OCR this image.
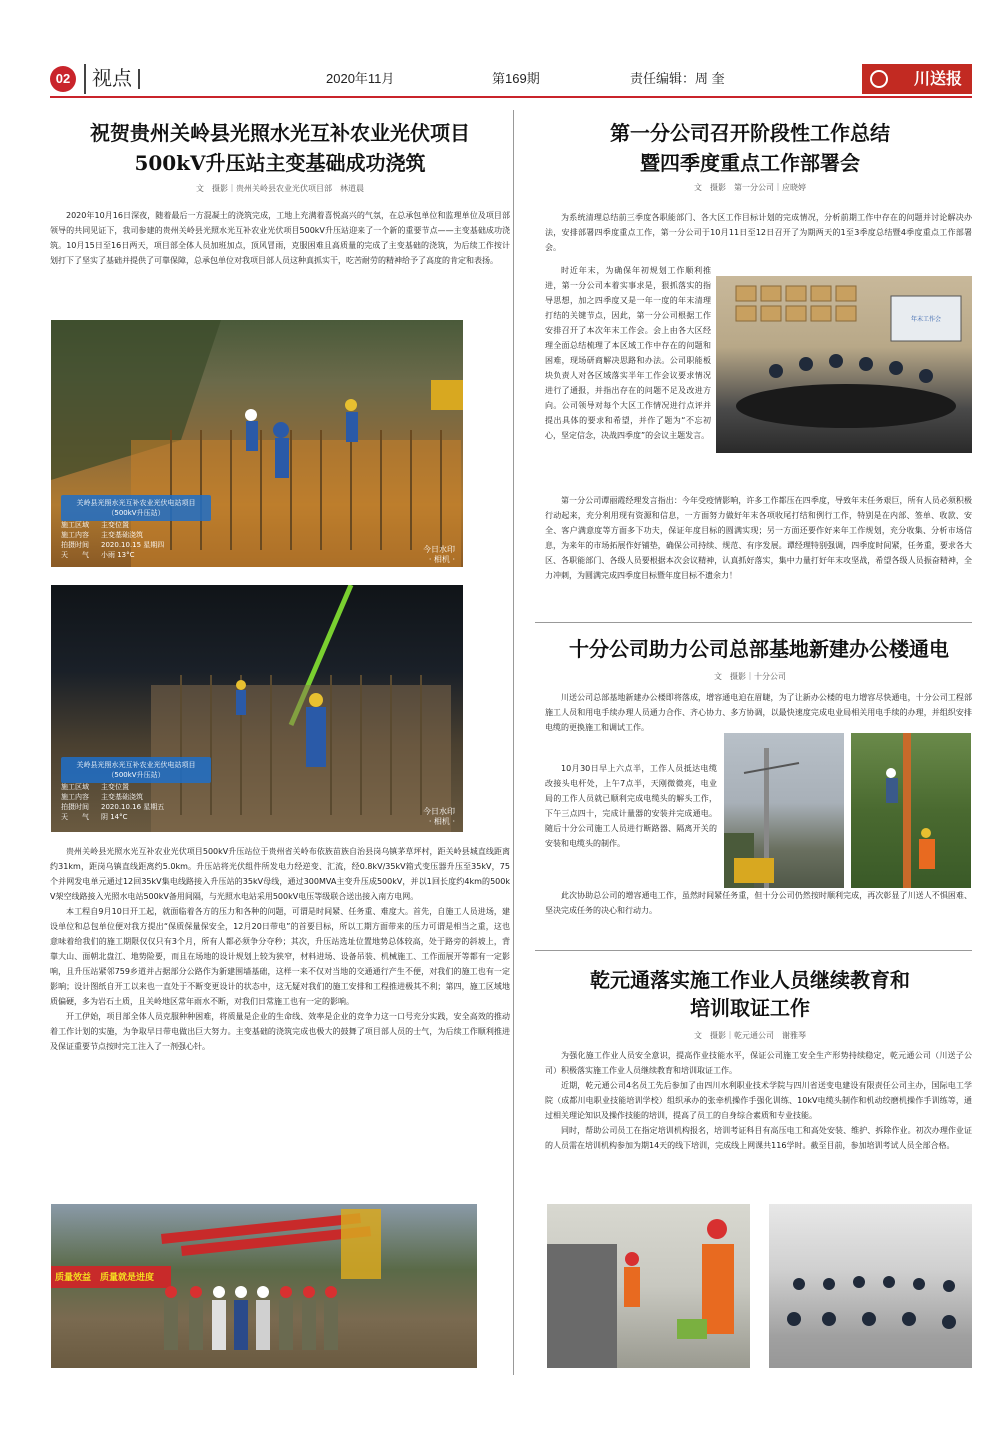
02	视点	2020年11月	第169期	责任编辑：周 奎	川送报
祝贺贵州关岭县光照水光互补农业光伏项目
500kV升压站主变基础成功浇筑
文　摄影｜贵州关岭县农业光伏项目部　林道晨

2020年10月16日深夜，随着最后一方混凝土的浇筑完成，工地上充满着喜悦高兴的气氛，在总承包单位和监理单位及项目部领导的共同见证下，我司参建的贵州关岭县光照水光互补农业光伏项目500kV升压站迎来了一个新的重要节点——主变基础成功浇筑。10月15日至16日两天，项目部全体人员加班加点，顶风冒雨，克服困难且高质量的完成了主变基础的浇筑，为后续工作按计划打下了坚实了基础并提供了可靠保障，总承包单位对我项目部人员这种真抓实干，吃苦耐劳的精神给予了高度的肯定和表扬。

关岭县光照水光互补农业光伏电站项目（500kV升压站）
施工区域	主变位置
施工内容	主变基础浇筑
拍摄时间	2020.10.15 星期四
天　　气	小雨 13°C
今日水印
· 相机 ·
关岭县光照水光互补农业光伏电站项目（500kV升压站）
施工区域	主变位置
施工内容	主变基础浇筑
拍摄时间	2020.10.16 星期五
天　　气	阴 14°C
今日水印
· 相机 ·

贵州关岭县光照水光互补农业光伏项目500kV升压站位于贵州省关岭布依族苗族自治县岗乌镇茅草坪村，距关岭县城直线距离约31km，距岗乌镇直线距离约5.0km。升压站将光伏组件所发电力经逆变、汇流，经0.8kV/35kV箱式变压器升压至35kV，75个并网发电单元通过12回35kV集电线路接入升压站的35kV母线，通过300MVA主变升压成500kV，并以1回长度约4km的500kV架空线路接入光照水电站500kV备用间隔，与光照水电站采用500kV电压等级联合送出接入南方电网。

本工程自9月10日开工起，就面临着各方的压力和各种的问题，可谓是时间紧、任务重、难度大。首先，自施工人员进场，建设单位和总包单位便对我方提出“保质保量保安全，12月20日带电”的首要目标，所以工期方面带来的压力可谓是相当之重，这也意味着给我们的施工期限仅仅只有3个月，所有人都必须争分夺秒；其次，升压站选址位置地势总体较高，处于路旁的斜坡上，背靠大山、面朝北盘江、地势险要，而且在场地的设计规划上较为狭窄，材料进场、设备吊装、机械施工、工作面展开等都有一定影响，且升压站紧邻759乡道并占据部分公路作为新建围墙基础，这样一来不仅对当地的交通通行产生不便，对我们的施工也有一定影响；设计图纸自开工以来也一直处于不断变更设计的状态中，这无疑对我们的施工安排和工程推进极其不利；第四，施工区域地质偏硬，多为岩石土质，且关岭地区常年雨水不断，对我们日常施工也有一定的影响。

开工伊始，项目部全体人员克服种种困难，将质量是企业的生命线、效率是企业的竞争力这一口号充分实践，安全高效的推动着工作计划的实施，为争取早日带电做出巨大努力。主变基础的浇筑完成也极大的鼓舞了项目部人员的士气，为后续工作顺利推进及保证重要节点按时完工注入了一剂强心针。

质量效益　质量就是进度
第一分公司召开阶段性工作总结
暨四季度重点工作部署会
文　摄影　第一分公司｜应晓婷

为系统清理总结前三季度各职能部门、各大区工作目标计划的完成情况，分析前期工作中存在的问题并讨论解决办法，安排部署四季度重点工作，第一分公司于10月11日至12日召开了为期两天的1至3季度总结暨4季度重点工作部署会。

时近年末，为确保年初规划工作顺利推进，第一分公司本着实事求是，狠抓落实的指导思想，加之四季度又是一年一度的年末清理打结的关键节点，因此，第一分公司根据工作安排召开了本次年末工作会。会上由各大区经理全面总结梳理了本区域工作中存在的问题和困难，现场研商解决思路和办法。公司职能板块负责人对各区域落实半年工作会议要求情况进行了通报，并指出存在的问题不足及改进方向。公司领导对每个大区工作情况进行点评并提出具体的要求和希望，并作了题为“不忘初心，坚定信念，决战四季度”的会议主题发言。

年末工作会

第一分公司谭丽霞经理发言指出：今年受疫情影响，许多工作都压在四季度，导致年末任务艰巨，所有人员必须积极行动起来，充分利用现有资源和信息，一方面努力做好年末各项收尾打结和例行工作，特别是在内部、签单、收款、安全、客户满意度等方面多下功夫，保证年度目标的圆满实现；另一方面还要作好来年工作规划，充分收集、分析市场信息，为来年的市场拓展作好铺垫，确保公司持续、规范、有序发展。谭经理特别强调，四季度时间紧，任务重，要求各大区、各职能部门、各级人员要根据本次会议精神，认真抓好落实，集中力量打好年末攻坚战，希望各级人员振奋精神，全力冲刺，为圆满完成四季度目标暨年度目标不遗余力！

十分公司助力公司总部基地新建办公楼通电
文　摄影｜十分公司

川送公司总部基地新建办公楼即将落成，增容通电迫在眉睫，为了让新办公楼的电力增容尽快通电，十分公司工程部施工人员和用电手续办理人员通力合作、齐心协力、多方协调，以最快速度完成电业局相关用电手续的办理，并组织安排电缆的更换施工和调试工作。

10月30日早上六点半，工作人员抵达电缆改接头电杆处，上午7点半，天刚微微亮，电业局的工作人员就已顺利完成电缆头的解头工作，下午三点四十，完成计量器的安装并完成通电。随后十分公司施工人员进行断路器、隔离开关的安装和电缆头的制作。

此次协助总公司的增容通电工作，虽然时间紧任务重，但十分公司仍然按时顺利完成，再次彰显了川送人不惧困难、坚决完成任务的决心和行动力。

乾元通落实施工作业人员继续教育和
培训取证工作
文　摄影｜乾元通公司　谢雅琴

为强化施工作业人员安全意识，提高作业技能水平，保证公司施工安全生产形势持续稳定，乾元通公司（川送子公司）积极落实施工作业人员继续教育和培训取证工作。

近期，乾元通公司4名员工先后参加了由四川水利职业技术学院与四川省送变电建设有限责任公司主办，国际电工学院（成都川电职业技能培训学校）组织承办的张牵机操作手强化训练、10kV电缆头制作和机动绞磨机操作手训练等，通过相关理论知识及操作技能的培训，提高了员工的自身综合素质和专业技能。

同时，帮助公司员工在指定培训机构报名，培训考证科目有高压电工和高处安装、维护、拆除作业。初次办理作业证的人员需在培训机构参加为期14天的线下培训，完成线上网课共116学时。截至目前，参加培训考试人员全部合格。
